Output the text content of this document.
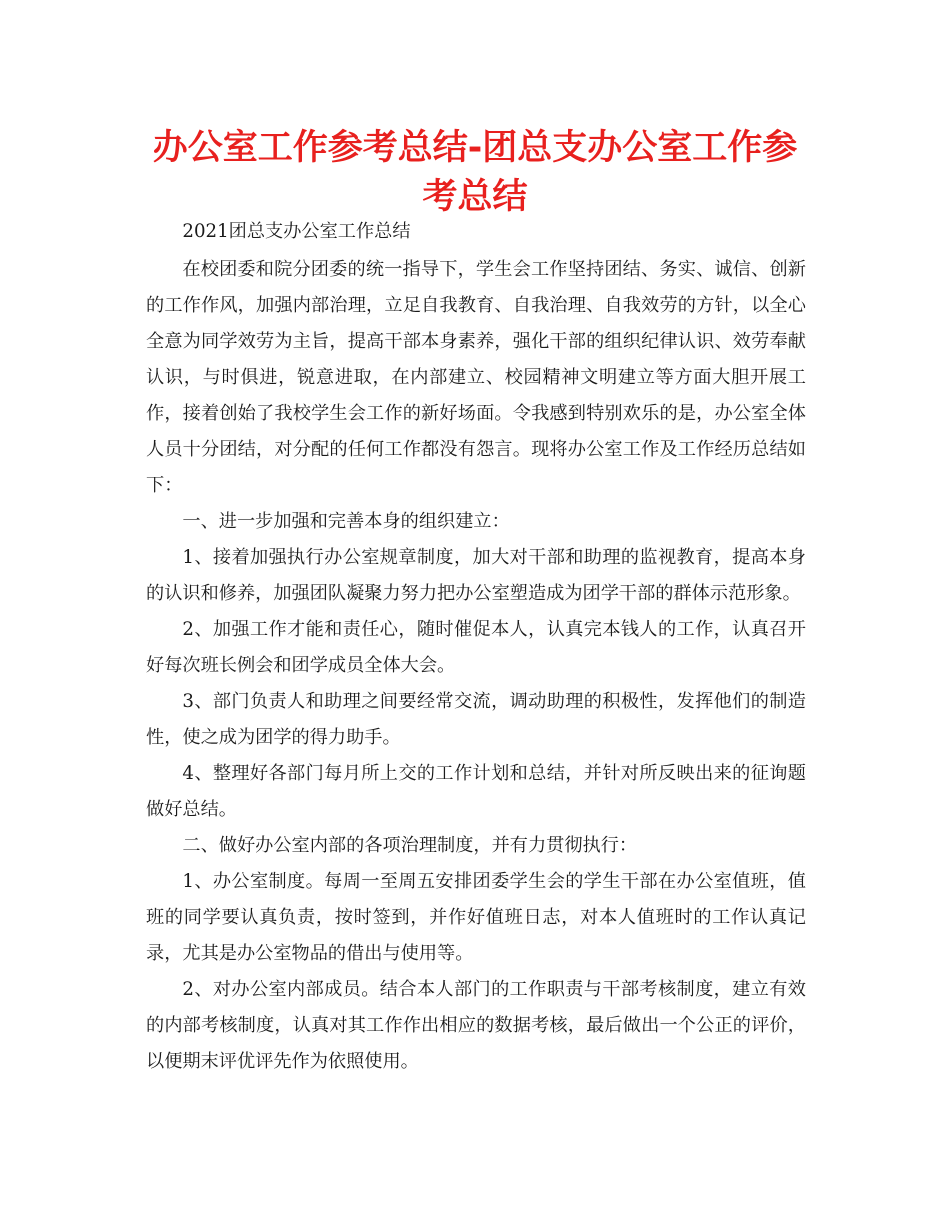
办公室工作参考总结-团总支办公室工作参考总结

2021团总支办公室工作总结

在校团委和院分团委的统一指导下，学生会工作坚持团结、务实、诚信、创新的工作作风，加强内部治理，立足自我教育、自我治理、自我效劳的方针，以全心全意为同学效劳为主旨，提高干部本身素养，强化干部的组织纪律认识、效劳奉献认识，与时俱进，锐意进取，在内部建立、校园精神文明建立等方面大胆开展工作，接着创始了我校学生会工作的新好场面。令我感到特别欢乐的是，办公室全体人员十分团结，对分配的任何工作都没有怨言。现将办公室工作及工作经历总结如下：

一、进一步加强和完善本身的组织建立：

1、接着加强执行办公室规章制度，加大对干部和助理的监视教育，提高本身的认识和修养，加强团队凝聚力努力把办公室塑造成为团学干部的群体示范形象。

2、加强工作才能和责任心，随时催促本人，认真完本钱人的工作，认真召开好每次班长例会和团学成员全体大会。

3、部门负责人和助理之间要经常交流，调动助理的积极性，发挥他们的制造性，使之成为团学的得力助手。

4、整理好各部门每月所上交的工作计划和总结，并针对所反映出来的征询题做好总结。

二、做好办公室内部的各项治理制度，并有力贯彻执行：

1、办公室制度。每周一至周五安排团委学生会的学生干部在办公室值班，值班的同学要认真负责，按时签到，并作好值班日志，对本人值班时的工作认真记录，尤其是办公室物品的借出与使用等。

2、对办公室内部成员。结合本人部门的工作职责与干部考核制度，建立有效的内部考核制度，认真对其工作作出相应的数据考核，最后做出一个公正的评价，以便期末评优评先作为依照使用。
